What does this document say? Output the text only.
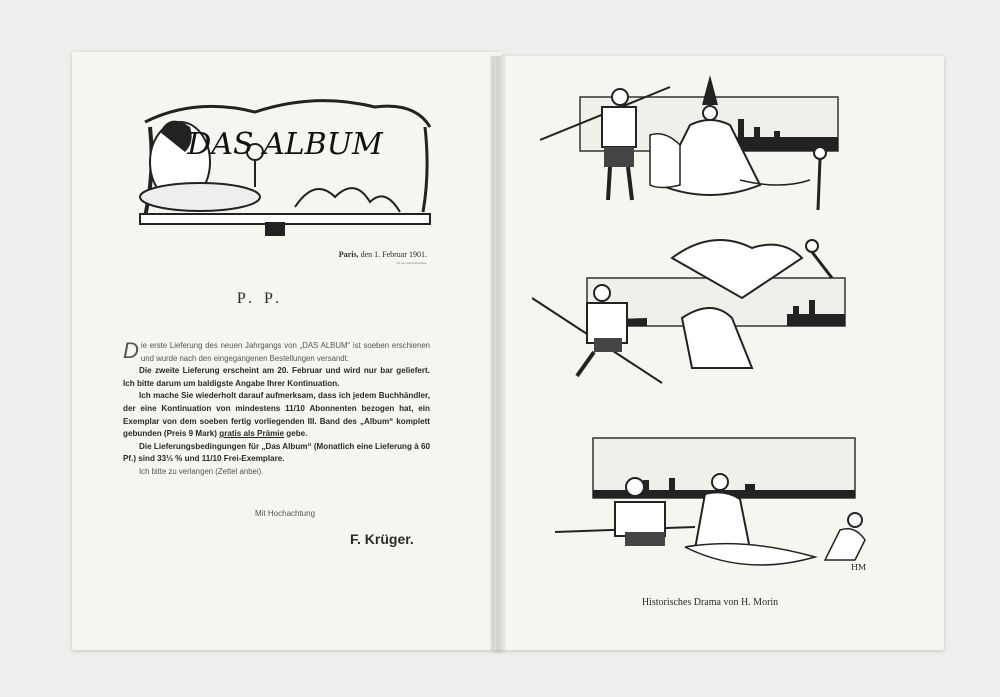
DAS ALBUM
Paris, den 1. Februar 1901.
20, rue Grange-Batelière.
P. P.

Die erste Lieferung des neuen Jahrgangs von „DAS ALBUM“ ist soeben erschienen und wurde nach den eingegangenen Bestellungen versandt.

Die zweite Lieferung erscheint am 20. Februar und wird nur bar geliefert. Ich bitte darum um baldigste Angabe Ihrer Kontinuation.

Ich mache Sie wiederholt darauf aufmerksam, dass ich jedem Buchhändler, der eine Kontinuation von mindestens 11/10 Abonnenten bezogen hat, ein Exemplar von dem soeben fertig vorliegenden III. Band des „Album“ komplett gebunden (Preis 9 Mark) gratis als Prämie gebe.

Die Lieferungsbedingungen für „Das Album“ (Monatlich eine Lieferung à 60 Pf.) sind 33⅓ % und 11/10 Frei-Exemplare.

Ich bitte zu verlangen (Zettel anbei).

Mit Hochachtung
F. Krüger.
HM
Historisches Drama von H. Morin
